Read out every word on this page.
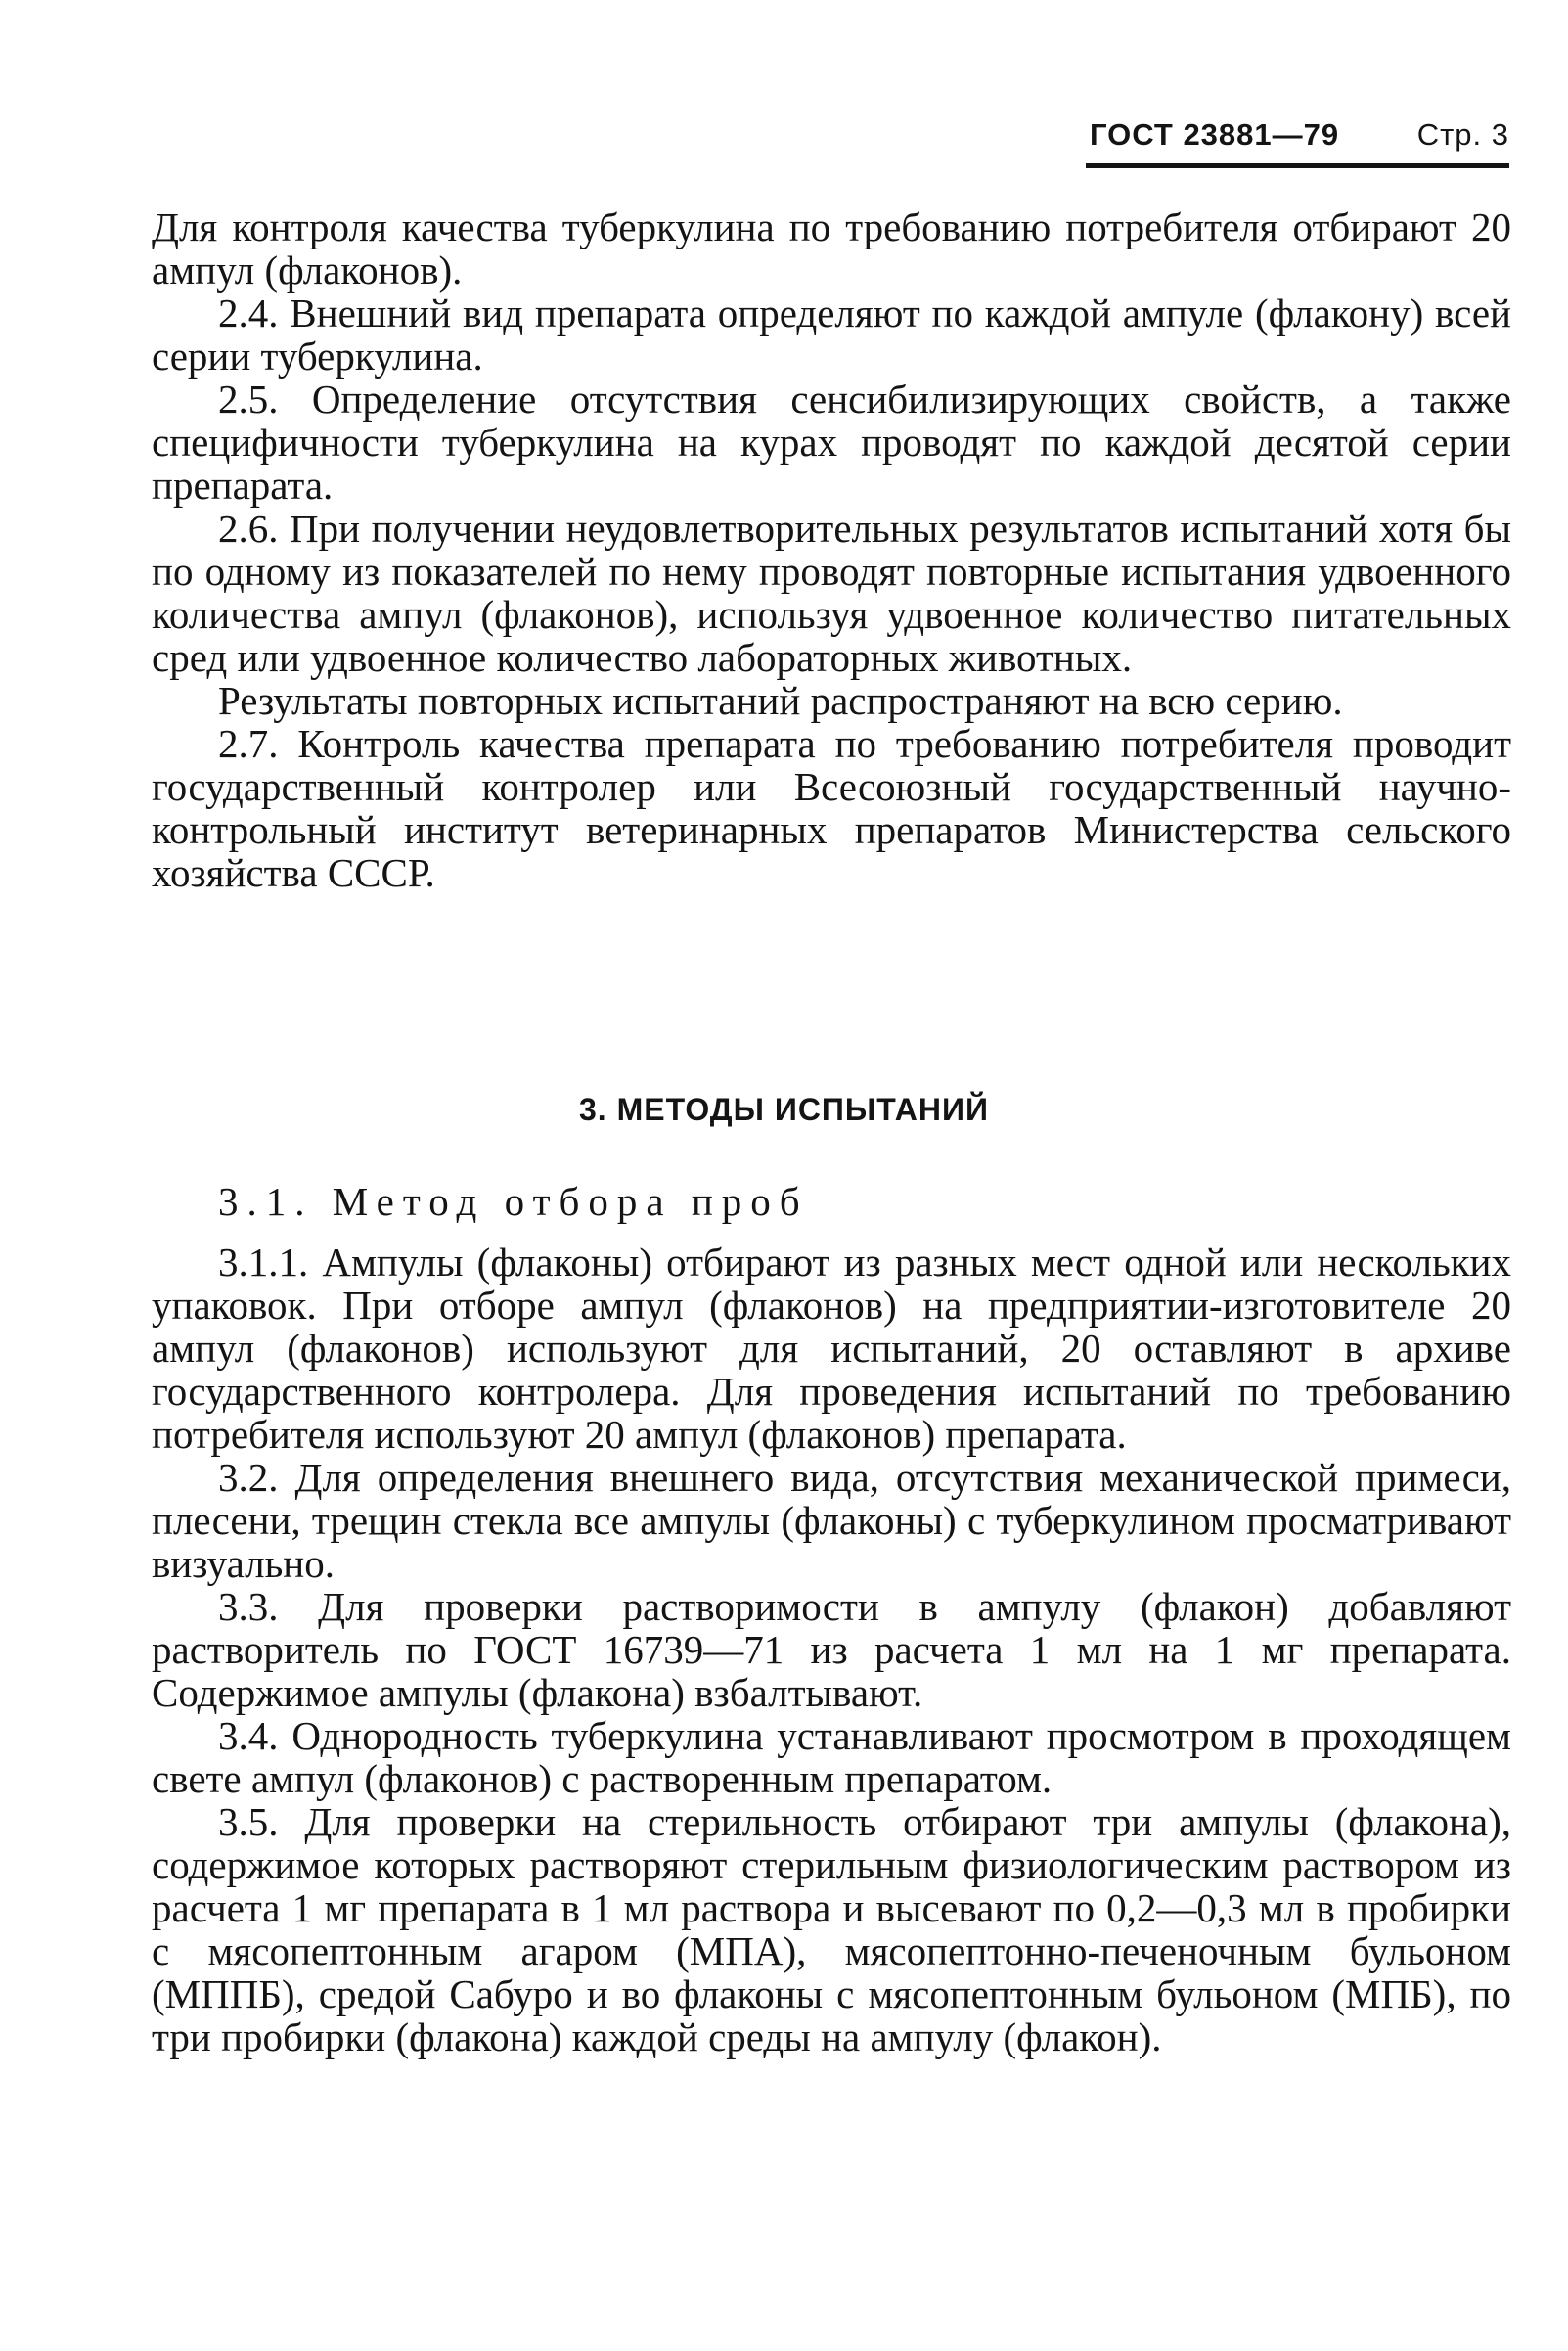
ГОСТ 23881—79	Стр. 3

Для контроля качества туберкулина по требованию потребителя отбирают 20 ампул (флаконов).

2.4. Внешний вид препарата определяют по каждой ампуле (флакону) всей серии туберкулина.

2.5. Определение отсутствия сенсибилизирующих свойств, а также специфичности туберкулина на курах проводят по каждой десятой серии препарата.

2.6. При получении неудовлетворительных результатов испытаний хотя бы по одному из показателей по нему проводят повторные испытания удвоенного количества ампул (флаконов), используя удвоенное количество питательных сред или удвоенное количество лабораторных животных.

Результаты повторных испытаний распространяют на всю серию.

2.7. Контроль качества препарата по требованию потребителя проводит государственный контролер или Всесоюзный государственный научно-контрольный институт ветеринарных препаратов Министерства сельского хозяйства СССР.

3. МЕТОДЫ ИСПЫТАНИЙ

3.1. Метод отбора проб

3.1.1. Ампулы (флаконы) отбирают из разных мест одной или нескольких упаковок. При отборе ампул (флаконов) на предприятии-изготовителе 20 ампул (флаконов) используют для испытаний, 20 оставляют в архиве государственного контролера. Для проведения испытаний по требованию потребителя используют 20 ампул (флаконов) препарата.

3.2. Для определения внешнего вида, отсутствия механической примеси, плесени, трещин стекла все ампулы (флаконы) с туберкулином просматривают визуально.

3.3. Для проверки растворимости в ампулу (флакон) добавляют растворитель по ГОСТ 16739—71 из расчета 1 мл на 1 мг препарата. Содержимое ампулы (флакона) взбалтывают.

3.4. Однородность туберкулина устанавливают просмотром в проходящем свете ампул (флаконов) с растворенным препаратом.

3.5. Для проверки на стерильность отбирают три ампулы (флакона), содержимое которых растворяют стерильным физиологическим раствором из расчета 1 мг препарата в 1 мл раствора и высевают по 0,2—0,3 мл в пробирки с мясопептонным агаром (МПА), мясопептонно-печеночным бульоном (МППБ), средой Сабуро и во флаконы с мясопептонным бульоном (МПБ), по три пробирки (флакона) каждой среды на ампулу (флакон).
